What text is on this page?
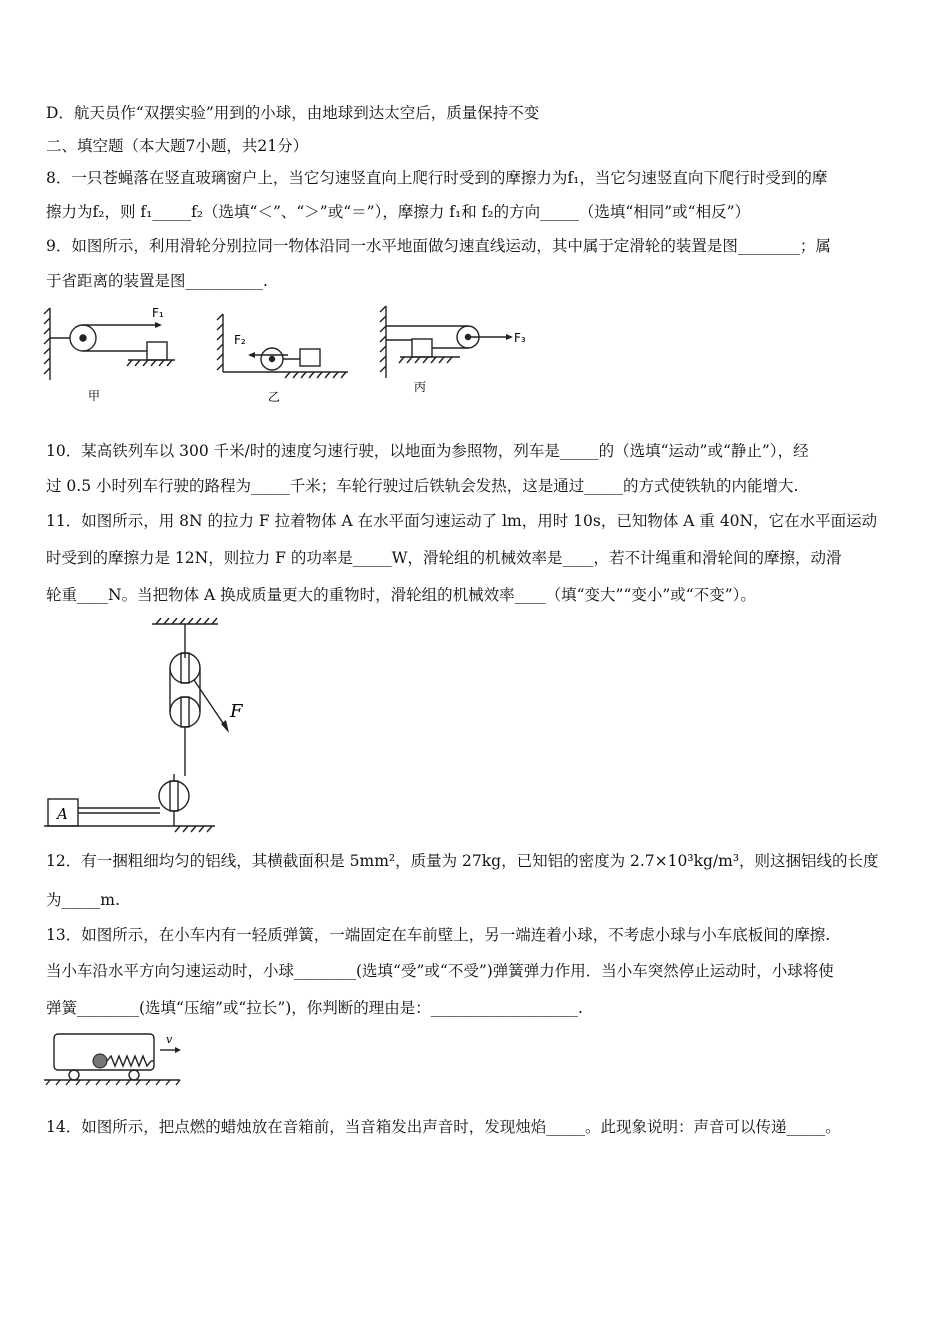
D．航天员作“双摆实验”用到的小球，由地球到达太空后，质量保持不变
二、填空题（本大题7小题，共21分）
8．一只苍蝇落在竖直玻璃窗户上，当它匀速竖直向上爬行时受到的摩擦力为f₁，当它匀速竖直向下爬行时受到的摩
擦力为f₂，则 f₁_____f₂（选填“＜”、“＞”或“＝”），摩擦力 f₁和 f₂的方向_____（选填“相同”或“相反”）
9．如图所示，利用滑轮分别拉同一物体沿同一水平地面做匀速直线运动，其中属于定滑轮的装置是图________；属
于省距离的装置是图__________.
F₁
甲
F₂
乙
F₃
丙
10．某高铁列车以 300 千米/时的速度匀速行驶，以地面为参照物，列车是_____的（选填“运动”或“静止”），经
过 0.5 小时列车行驶的路程为_____千米；车轮行驶过后铁轨会发热，这是通过_____的方式使铁轨的内能增大.
11．如图所示，用 8N 的拉力 F 拉着物体 A 在水平面匀速运动了 lm，用时 10s，已知物体 A 重 40N，它在水平面运动
时受到的摩擦力是 12N，则拉力 F 的功率是_____W，滑轮组的机械效率是____，若不计绳重和滑轮间的摩擦，动滑
轮重____N。当把物体 A 换成质量更大的重物时，滑轮组的机械效率____（填“变大”“变小”或“不变”）。
F
A
12．有一捆粗细均匀的铝线，其横截面积是 5mm²，质量为 27kg，已知铝的密度为 2.7×10³kg/m³，则这捆铝线的长度
为_____m.
13．如图所示，在小车内有一轻质弹簧，一端固定在车前壁上，另一端连着小球，不考虑小球与小车底板间的摩擦.
当小车沿水平方向匀速运动时，小球________(选填“受”或“不受”)弹簧弹力作用．当小车突然停止运动时，小球将使
弹簧________(选填“压缩”或“拉长”)，你判断的理由是：___________________.
v
14．如图所示，把点燃的蜡烛放在音箱前，当音箱发出声音时，发现烛焰_____。此现象说明：声音可以传递_____。
